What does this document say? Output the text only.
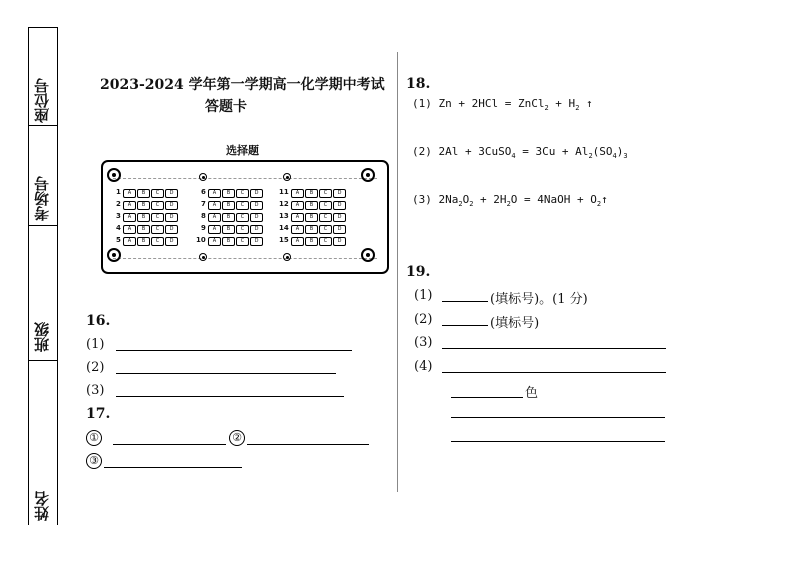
座位号
考场号
班级
姓名
2023-2024 学年第一学期高一化学期中考试
答题卡
选择题
1	A	B	C	D
2	A	B	C	D
3	A	B	C	D
4	A	B	C	D
5	A	B	C	D
6	A	B	C	D
7	A	B	C	D
8	A	B	C	D
9	A	B	C	D
10	A	B	C	D
11	A	B	C	D
12	A	B	C	D
13	A	B	C	D
14	A	B	C	D
15	A	B	C	D
16.
(1)
(2)
(3)
17.
①	②
③
18.
(1) Zn + 2HCl = ZnCl$_2$ + $H_2$ ↑
(2) 2Al + 3CuSO$_4$ = $3Cu + Al_2(SO_4)_3$
(3) $2Na_2O_2 + 2H_2O$ = 4NaOH + $O_2↑$
19.
(1)	(填标号)。(1 分)
(2)	(填标号)
(3)
(4)
色
